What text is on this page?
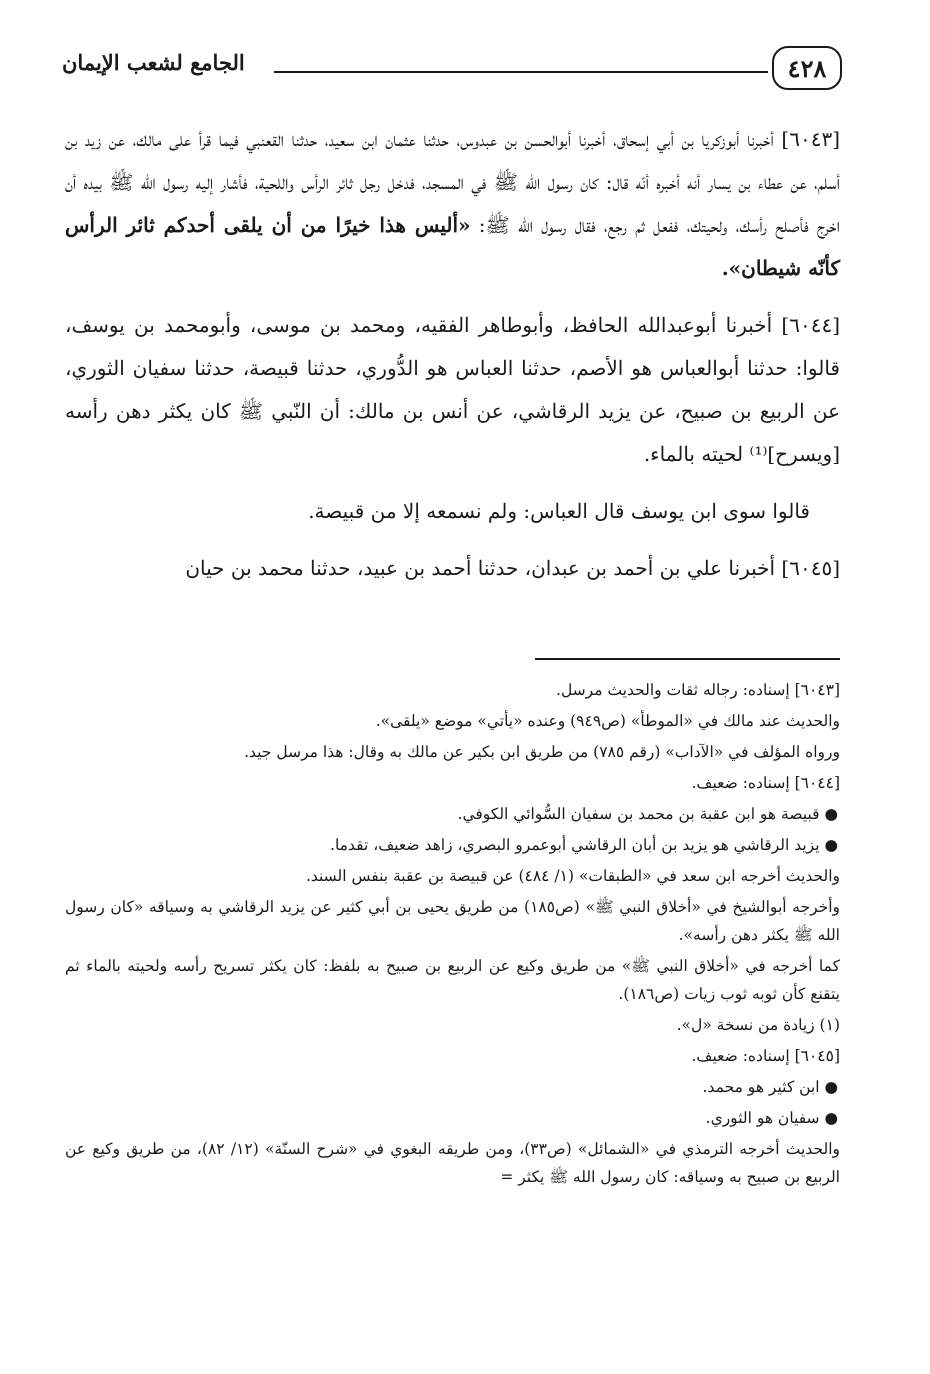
٤٢٨
الجامع لشعب الإيمان

[٦٠٤٣] أخبرنا أبوزكريا بن أبي إسحاق، أخبرنا أبوالحسن بن عبدوس، حدثنا عثمان ابن سعيد، حدثنا القعنبي فيما قرأ على مالك، عن زيد بن أسلم، عن عطاء بن يسار أنه أخبره أنّه قال: كان رسول الله ﷺ في المسجد، فدخل رجل ثائر الرأس واللحية، فأشار إليه رسول الله ﷺ بيده أن اخرج فأصلح رأسك، ولحيتك، ففعل ثم رجع، فقال رسول الله ﷺ: «أليس هذا خيرًا من أن يلقى أحدكم ثائر الرأس كأنّه شيطان».

[٦٠٤٤] أخبرنا أبوعبدالله الحافظ، وأبوطاهر الفقيه، ومحمد بن موسى، وأبومحمد بن يوسف، قالوا: حدثنا أبوالعباس هو الأصم، حدثنا العباس هو الدُّوري، حدثنا قبيصة، حدثنا سفيان الثوري، عن الربيع بن صبيح، عن يزيد الرقاشي، عن أنس بن مالك: أن النّبي ﷺ كان يكثر دهن رأسه [ويسرح]⁽¹⁾ لحيته بالماء.

قالوا سوى ابن يوسف قال العباس: ولم نسمعه إلا من قبيصة.

[٦٠٤٥] أخبرنا علي بن أحمد بن عبدان، حدثنا أحمد بن عبيد، حدثنا محمد بن حيان

[٦٠٤٣] إسناده: رجاله ثقات والحديث مرسل.
والحديث عند مالك في «الموطأ» (ص٩٤٩) وعنده «يأتي» موضع «يلقى».
ورواه المؤلف في «الآداب» (رقم ٧٨٥) من طريق ابن بكير عن مالك به وقال: هذا مرسل جيد.
[٦٠٤٤] إسناده: ضعيف.
● قبيصة هو ابن عقبة بن محمد بن سفيان السُّوائي الكوفي.
● يزيد الرقاشي هو يزيد بن أبان الرقاشي أبوعمرو البصري، زاهد ضعيف، تقدما.
والحديث أخرجه ابن سعد في «الطبقات» (١/ ٤٨٤) عن قبيصة بن عقبة بنفس السند.
وأخرجه أبوالشيخ في «أخلاق النبي ﷺ» (ص١٨٥) من طريق يحيى بن أبي كثير عن يزيد الرقاشي به وسياقه «كان رسول الله ﷺ يكثر دهن رأسه».
كما أخرجه في «أخلاق النبي ﷺ» من طريق وكيع عن الربيع بن صبيح به بلفظ: كان يكثر تسريح رأسه ولحيته بالماء ثم يتقنع كأن ثوبه ثوب زيات (ص١٨٦).
(١) زيادة من نسخة «ل».
[٦٠٤٥] إسناده: ضعيف.
● ابن كثير هو محمد.
● سفيان هو الثوري.
والحديث أخرجه الترمذي في «الشمائل» (ص٣٣)، ومن طريقه البغوي في «شرح السنّة» (١٢/ ٨٢)، من طريق وكيع عن الربيع بن صبيح به وسياقه: كان رسول الله ﷺ يكثر =
